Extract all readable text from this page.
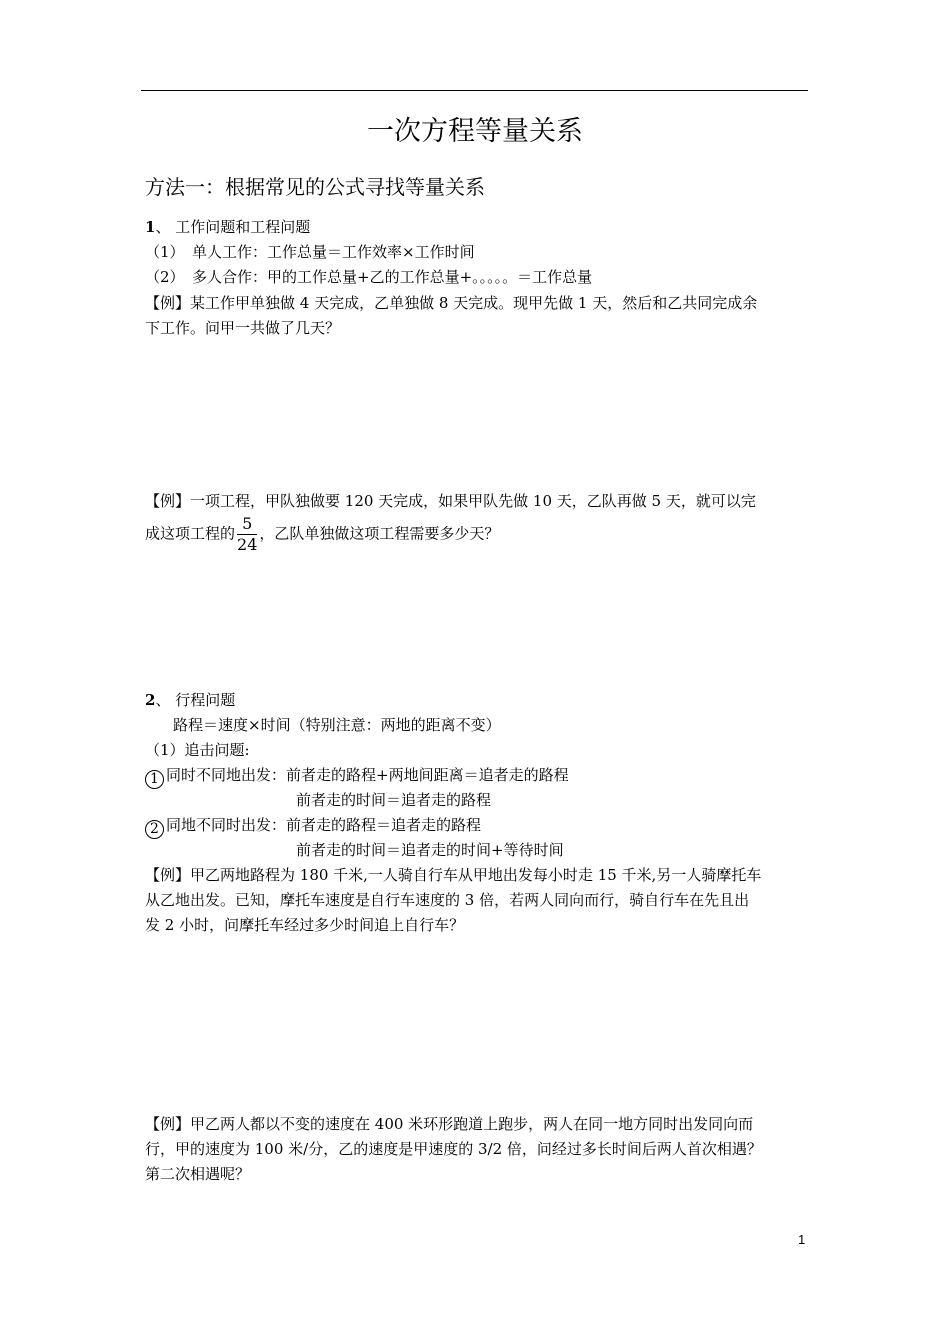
一次方程等量关系
方法一：根据常见的公式寻找等量关系
1、 工作问题和工程问题
（1）　单人工作：工作总量＝工作效率×工作时间
（2）　多人合作：甲的工作总量+乙的工作总量+。。。。。＝工作总量
【例】某工作甲单独做 4 天完成，乙单独做 8 天完成。现甲先做 1 天，然后和乙共同完成余
下工作。问甲一共做了几天？
【例】一项工程，甲队独做要 120 天完成，如果甲队先做 10 天，乙队再做 5 天，就可以完
成这项工程的 $\frac{5}{24}$ ，乙队单独做这项工程需要多少天？
2、 行程问题
路程＝速度×时间（特别注意：两地的距离不变）
（1）追击问题:
1 同时不同地出发：前者走的路程+两地间距离＝追者走的路程
前者走的时间＝追者走的路程
2 同地不同时出发：前者走的路程＝追者走的路程
前者走的时间＝追者走的时间+等待时间
【例】甲乙两地路程为 180 千米,一人骑自行车从甲地出发每小时走 15 千米,另一人骑摩托车
从乙地出发。已知，摩托车速度是自行车速度的 3 倍，若两人同向而行，骑自行车在先且出
发 2 小时，问摩托车经过多少时间追上自行车？
【例】甲乙两人都以不变的速度在 400 米环形跑道上跑步，两人在同一地方同时出发同向而
行，甲的速度为 100 米/分，乙的速度是甲速度的 3/2 倍，问经过多长时间后两人首次相遇？
第二次相遇呢？
1
